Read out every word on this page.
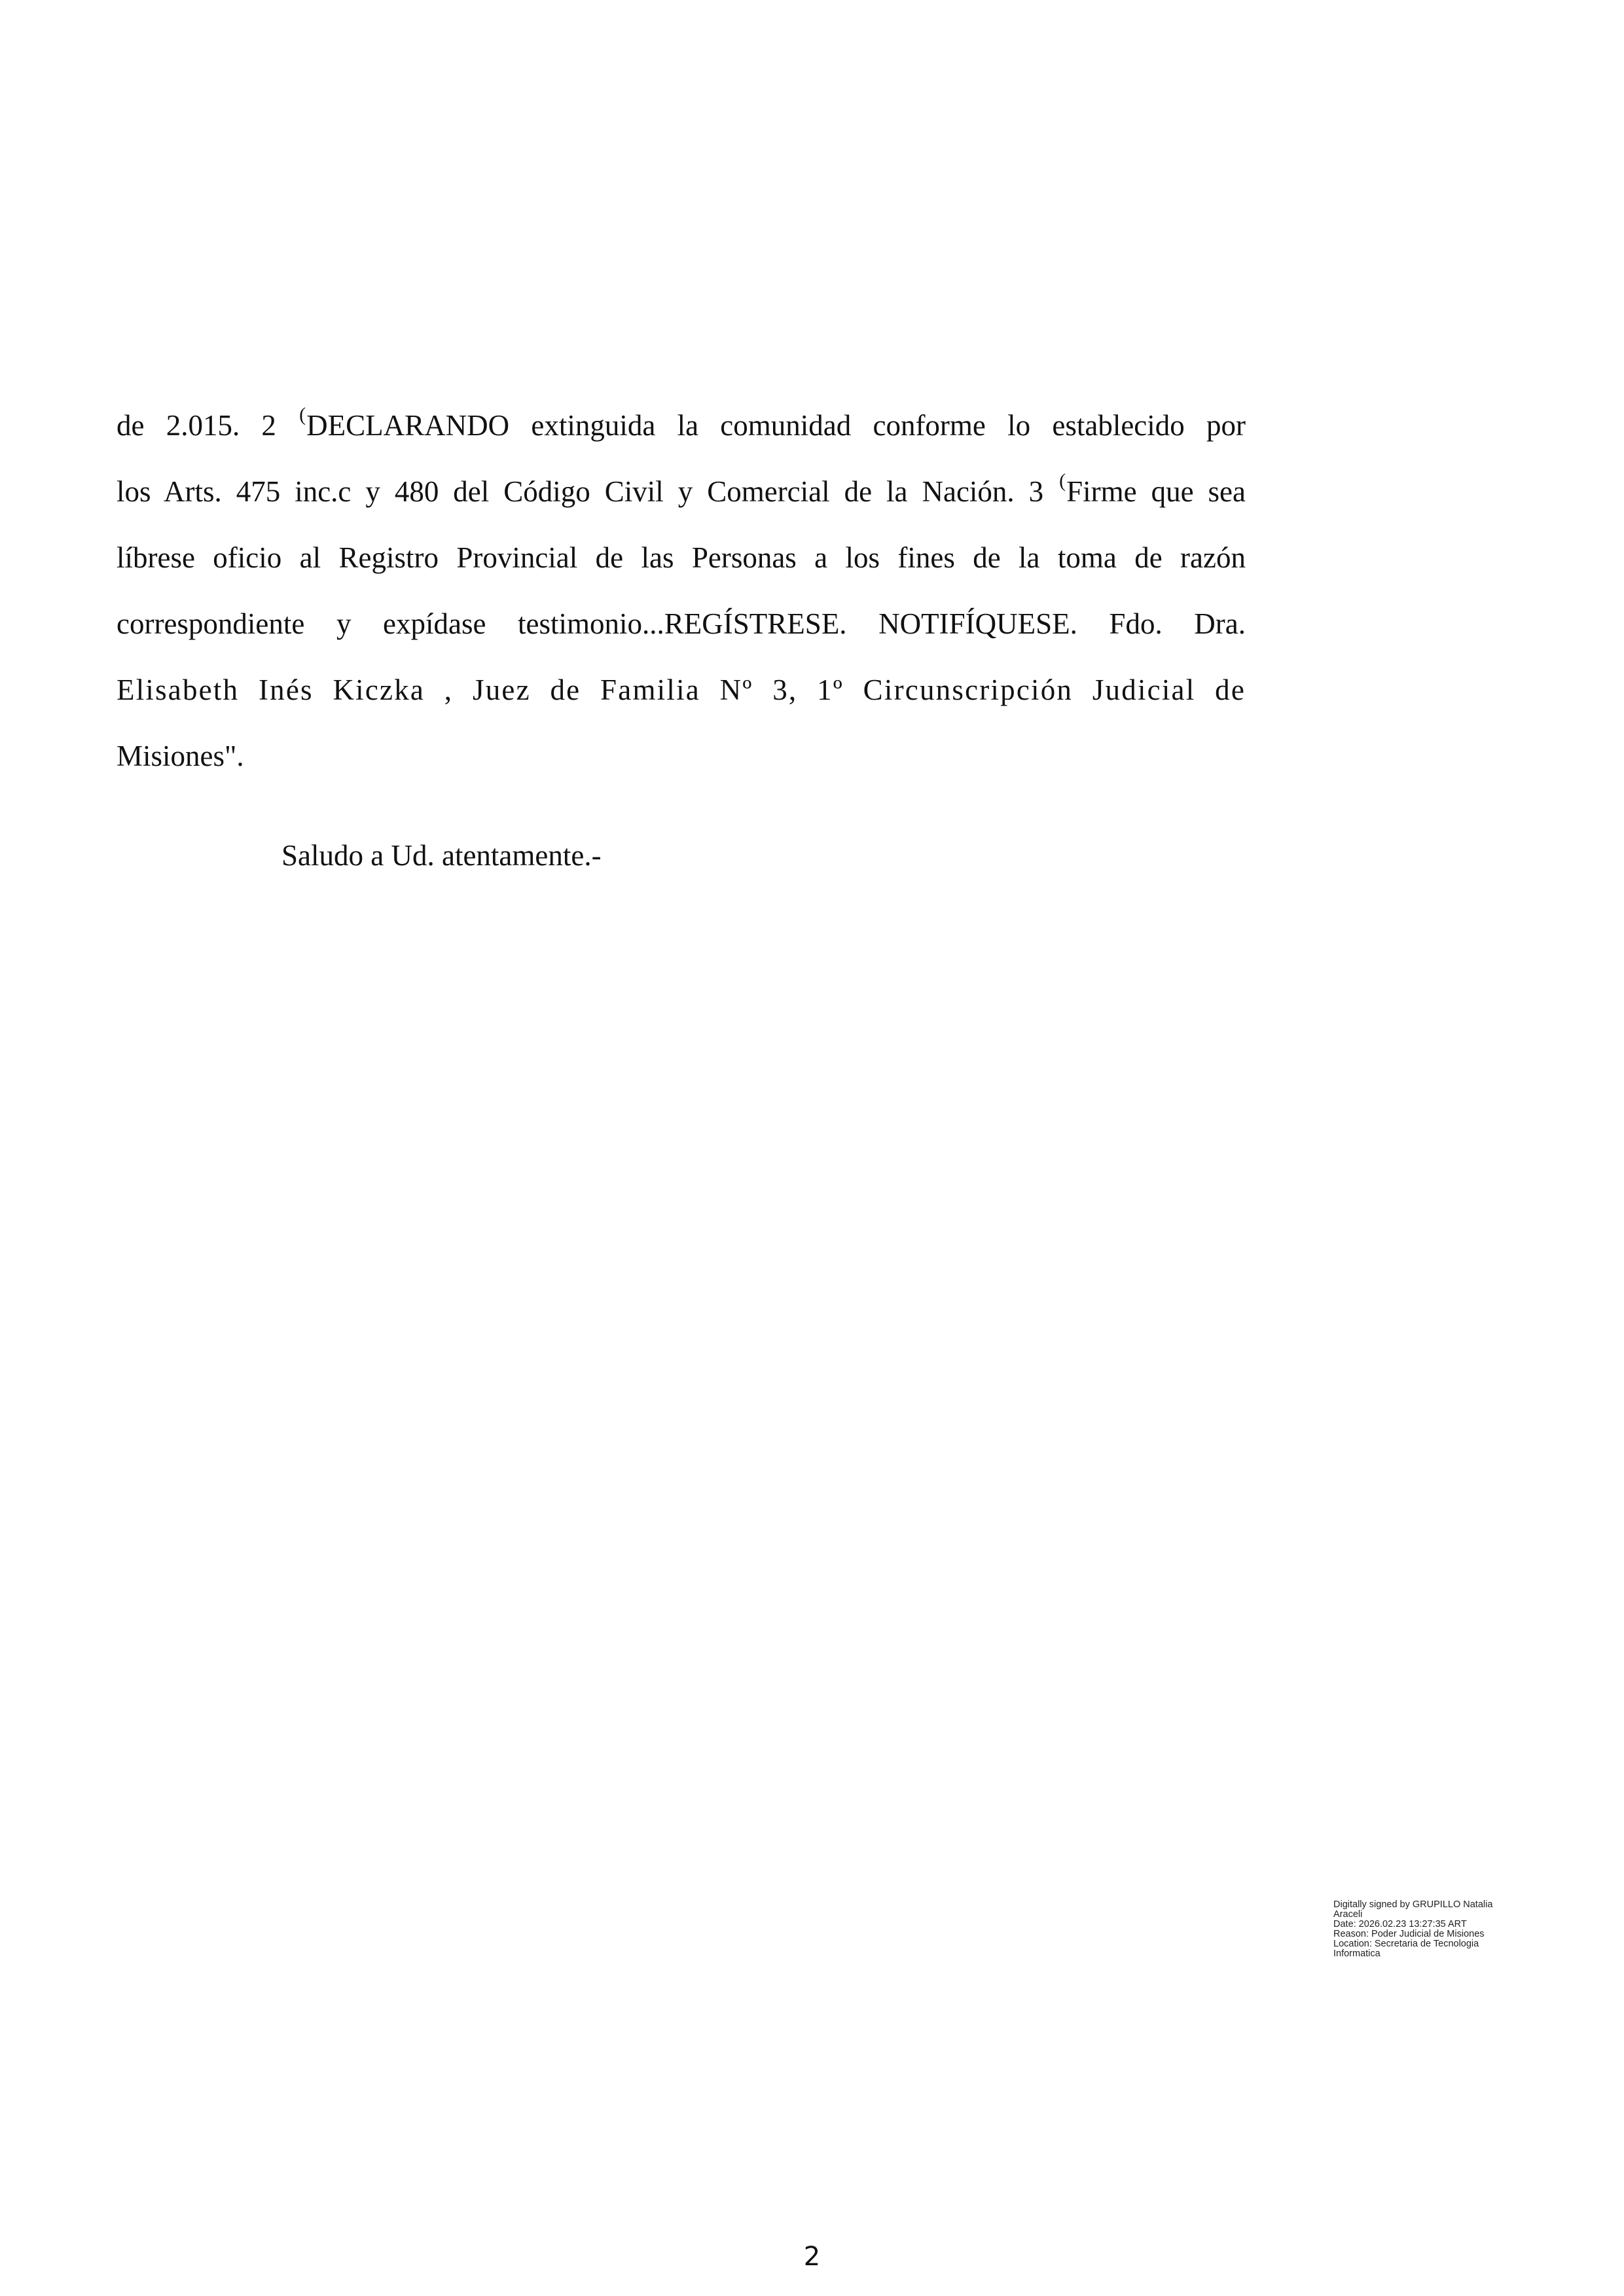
de 2.015. 2 (DECLARANDO extinguida la comunidad conforme lo establecido por
los Arts. 475 inc.c y 480 del Código Civil y Comercial de la Nación. 3 (Firme que sea
líbrese oficio al Registro Provincial de las Personas a los fines de la toma de razón
correspondiente y expídase testimonio...REGÍSTRESE. NOTIFÍQUESE. Fdo. Dra.
Elisabeth Inés Kiczka , Juez de Familia Nº 3, 1º Circunscripción Judicial de
Misiones".
Saludo a Ud. atentamente.-
Digitally signed by GRUPILLO Natalia
Araceli
Date: 2026.02.23 13:27:35 ART
Reason: Poder Judicial de Misiones
Location: Secretaria de Tecnologia
Informatica
2
